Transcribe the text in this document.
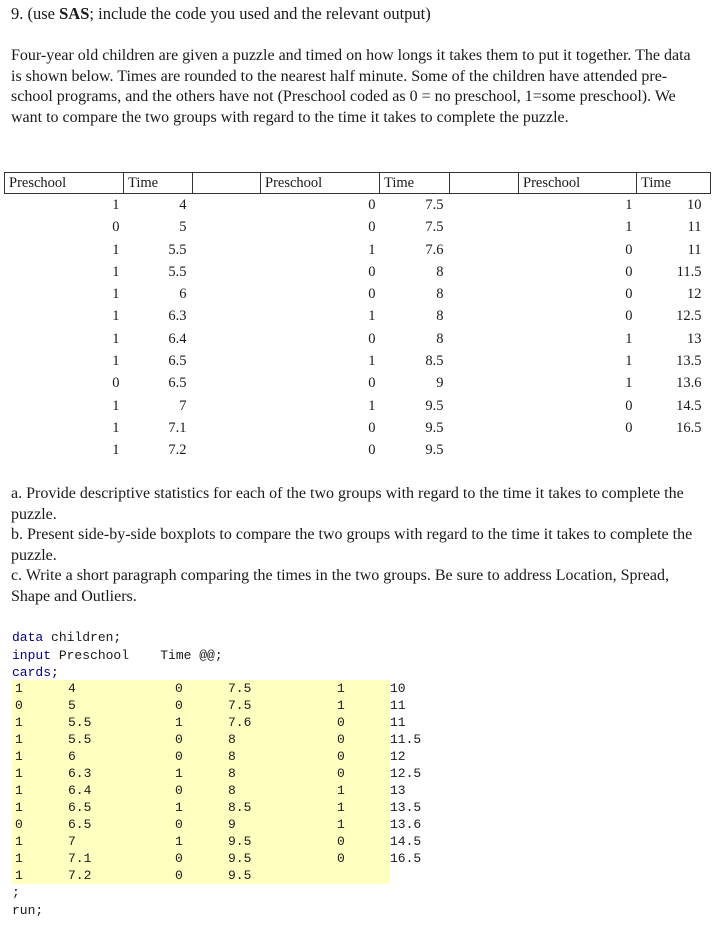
9. (use SAS; include the code you used and the relevant output)
Four-year old children are given a puzzle and timed on how longs it takes them to put it together. The data is shown below. Times are rounded to the nearest half minute. Some of the children have attended pre-school programs, and the others have not (Preschool coded as 0 = no preschool, 1=some preschool). We want to compare the two groups with regard to the time it takes to complete the puzzle.
Preschool	Time		Preschool	Time		Preschool	Time
1	4		0	7.5		1	10
0	5		0	7.5		1	11
1	5.5		1	7.6		0	11
1	5.5		0	8		0	11.5
1	6		0	8		0	12
1	6.3		1	8		0	12.5
1	6.4		0	8		1	13
1	6.5		1	8.5		1	13.5
0	6.5		0	9		1	13.6
1	7		1	9.5		0	14.5
1	7.1		0	9.5		0	16.5
1	7.2		0	9.5			
a. Provide descriptive statistics for each of the two groups with regard to the time it takes to complete the puzzle.
b. Present side-by-side boxplots to compare the two groups with regard to the time it takes to complete the puzzle.
c. Write a short paragraph comparing the times in the two groups. Be sure to address Location, Spread, Shape and Outliers.
data children;
input Preschool    Time @@;
cards;
1	4	0	7.5	1	10
0	5	0	7.5	1	11
1	5.5	1	7.6	0	11
1	5.5	0	8	0	11.5
1	6	0	8	0	12
1	6.3	1	8	0	12.5
1	6.4	0	8	1	13
1	6.5	1	8.5	1	13.5
0	6.5	0	9	1	13.6
1	7	1	9.5	0	14.5
1	7.1	0	9.5	0	16.5
1	7.2	0	9.5
;
run;
